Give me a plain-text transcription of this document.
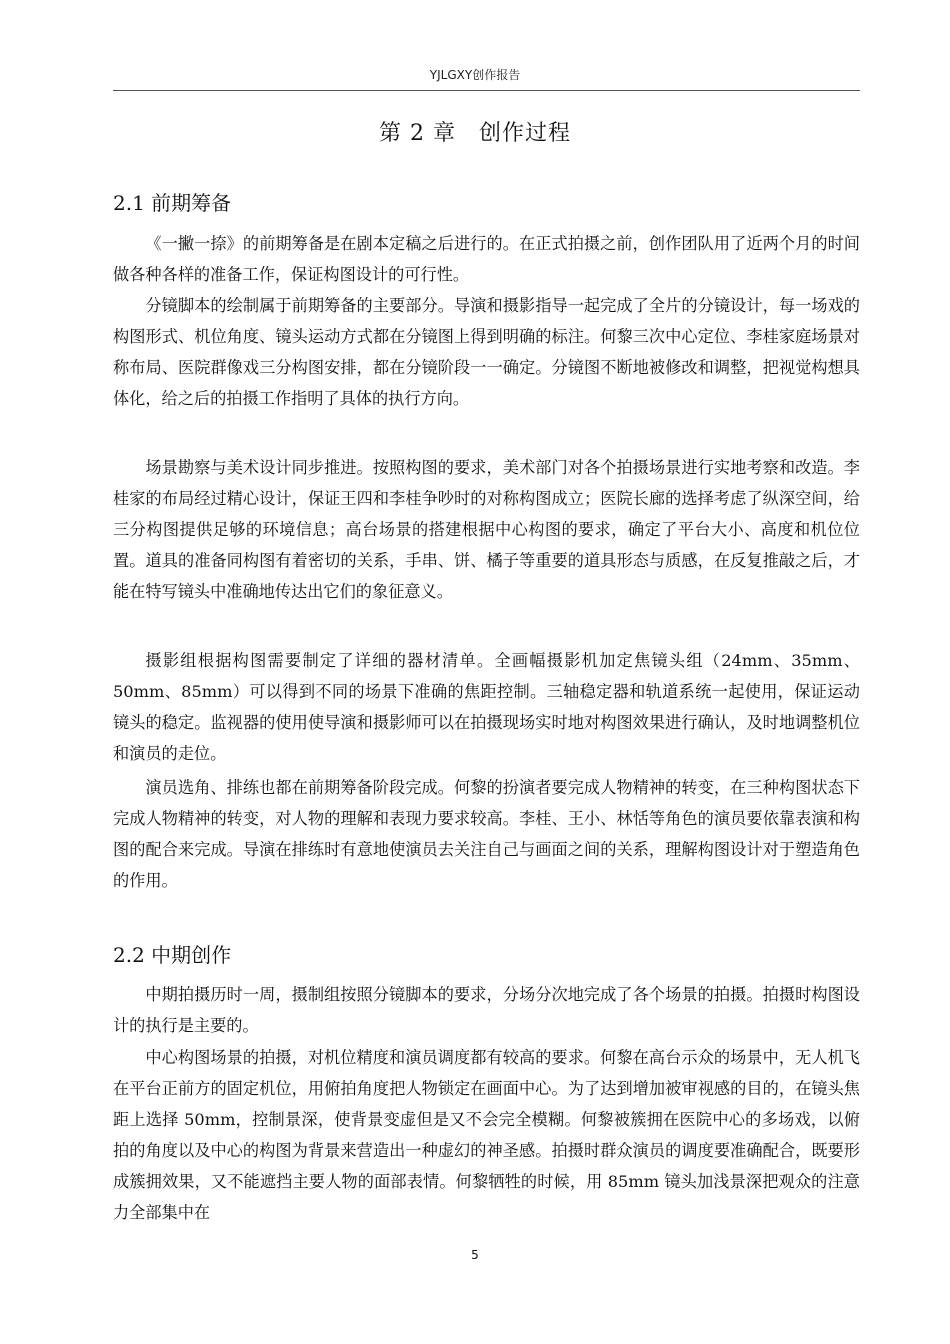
YJLGXY创作报告
第 2 章　创作过程
2.1 前期筹备

《一撇一捺》的前期筹备是在剧本定稿之后进行的。在正式拍摄之前，创作团队用了近两个月的时间做各种各样的准备工作，保证构图设计的可行性。

分镜脚本的绘制属于前期筹备的主要部分。导演和摄影指导一起完成了全片的分镜设计，每一场戏的构图形式、机位角度、镜头运动方式都在分镜图上得到明确的标注。何黎三次中心定位、李桂家庭场景对称布局、医院群像戏三分构图安排，都在分镜阶段一一确定。分镜图不断地被修改和调整，把视觉构想具体化，给之后的拍摄工作指明了具体的执行方向。

场景勘察与美术设计同步推进。按照构图的要求，美术部门对各个拍摄场景进行实地考察和改造。李桂家的布局经过精心设计，保证王四和李桂争吵时的对称构图成立；医院长廊的选择考虑了纵深空间，给三分构图提供足够的环境信息；高台场景的搭建根据中心构图的要求，确定了平台大小、高度和机位位置。道具的准备同构图有着密切的关系，手串、饼、橘子等重要的道具形态与质感，在反复推敲之后，才能在特写镜头中准确地传达出它们的象征意义。

摄影组根据构图需要制定了详细的器材清单。全画幅摄影机加定焦镜头组（24mm、35mm、50mm、85mm）可以得到不同的场景下准确的焦距控制。三轴稳定器和轨道系统一起使用，保证运动镜头的稳定。监视器的使用使导演和摄影师可以在拍摄现场实时地对构图效果进行确认，及时地调整机位和演员的走位。

演员选角、排练也都在前期筹备阶段完成。何黎的扮演者要完成人物精神的转变，在三种构图状态下完成人物精神的转变，对人物的理解和表现力要求较高。李桂、王小、林恬等角色的演员要依靠表演和构图的配合来完成。导演在排练时有意地使演员去关注自己与画面之间的关系，理解构图设计对于塑造角色的作用。

2.2 中期创作

中期拍摄历时一周，摄制组按照分镜脚本的要求，分场分次地完成了各个场景的拍摄。拍摄时构图设计的执行是主要的。

中心构图场景的拍摄，对机位精度和演员调度都有较高的要求。何黎在高台示众的场景中，无人机飞在平台正前方的固定机位，用俯拍角度把人物锁定在画面中心。为了达到增加被审视感的目的，在镜头焦距上选择 50mm，控制景深，使背景变虚但是又不会完全模糊。何黎被簇拥在医院中心的多场戏，以俯拍的角度以及中心的构图为背景来营造出一种虚幻的神圣感。拍摄时群众演员的调度要准确配合，既要形成簇拥效果，又不能遮挡主要人物的面部表情。何黎牺牲的时候，用 85mm 镜头加浅景深把观众的注意力全部集中在

5
